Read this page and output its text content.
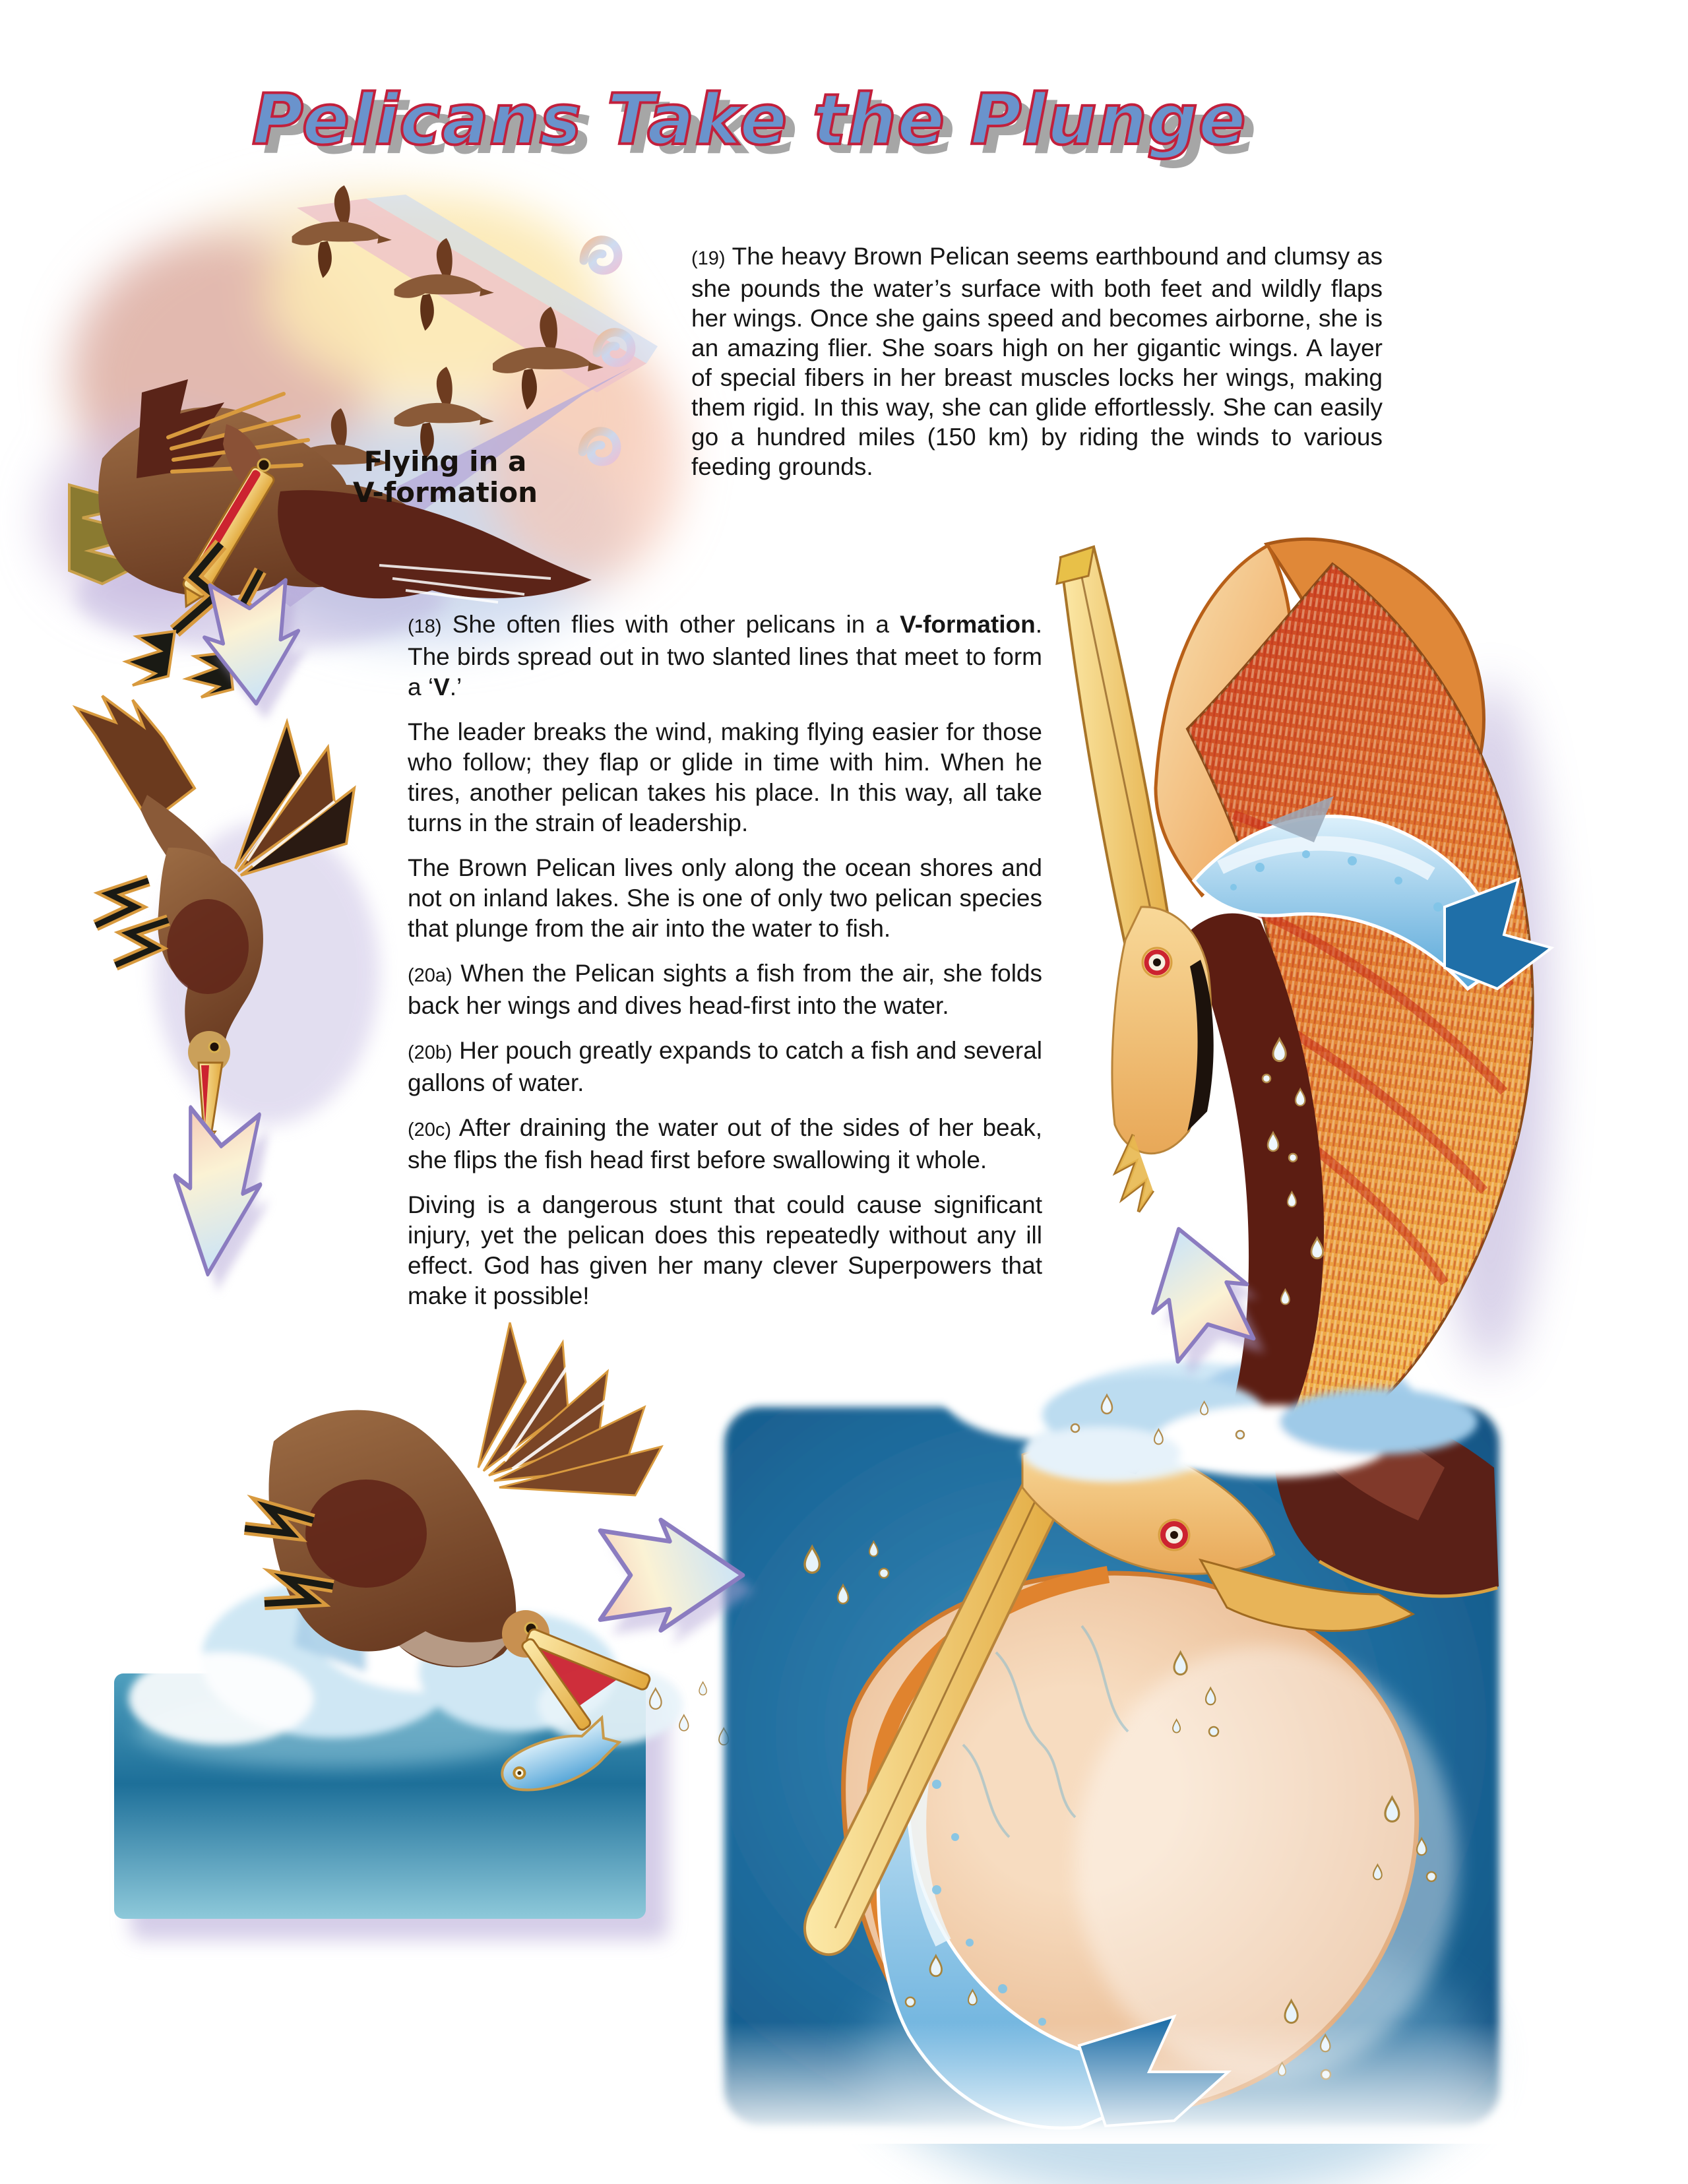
Pelicans Take the Plunge
Flying in a
V-formation

(19) The heavy Brown Pelican seems earthbound and clumsy as she pounds the water’s surface with both feet and wildly flaps her wings. Once she gains speed and becomes airborne, she is an amazing flier. She soars high on her gigantic wings. A layer of special fibers in her breast muscles locks her wings, making them rigid. In this way, she can glide effortlessly. She can easily go a hundred miles (150 km) by riding the winds to various feeding grounds.

(18) She often flies with other pelicans in a V-formation. The birds spread out in two slanted lines that meet to form a ‘V.’

The leader breaks the wind, making flying easier for those who follow; they flap or glide in time with him. When he tires, another pelican takes his place. In this way, all take turns in the strain of leadership.

The Brown Pelican lives only along the ocean shores and not on inland lakes. She is one of only two pelican species that plunge from the air into the water to fish.

(20a) When the Pelican sights a fish from the air, she folds back her wings and dives head-first into the water.

(20b) Her pouch greatly expands to catch a fish and several gallons of water.

(20c) After draining the water out of the sides of her beak, she flips the fish head first before swallowing it whole.

Diving is a dangerous stunt that could cause significant injury, yet the pelican does this repeatedly without any ill effect. God has given her many clever Superpowers that make it possible!
